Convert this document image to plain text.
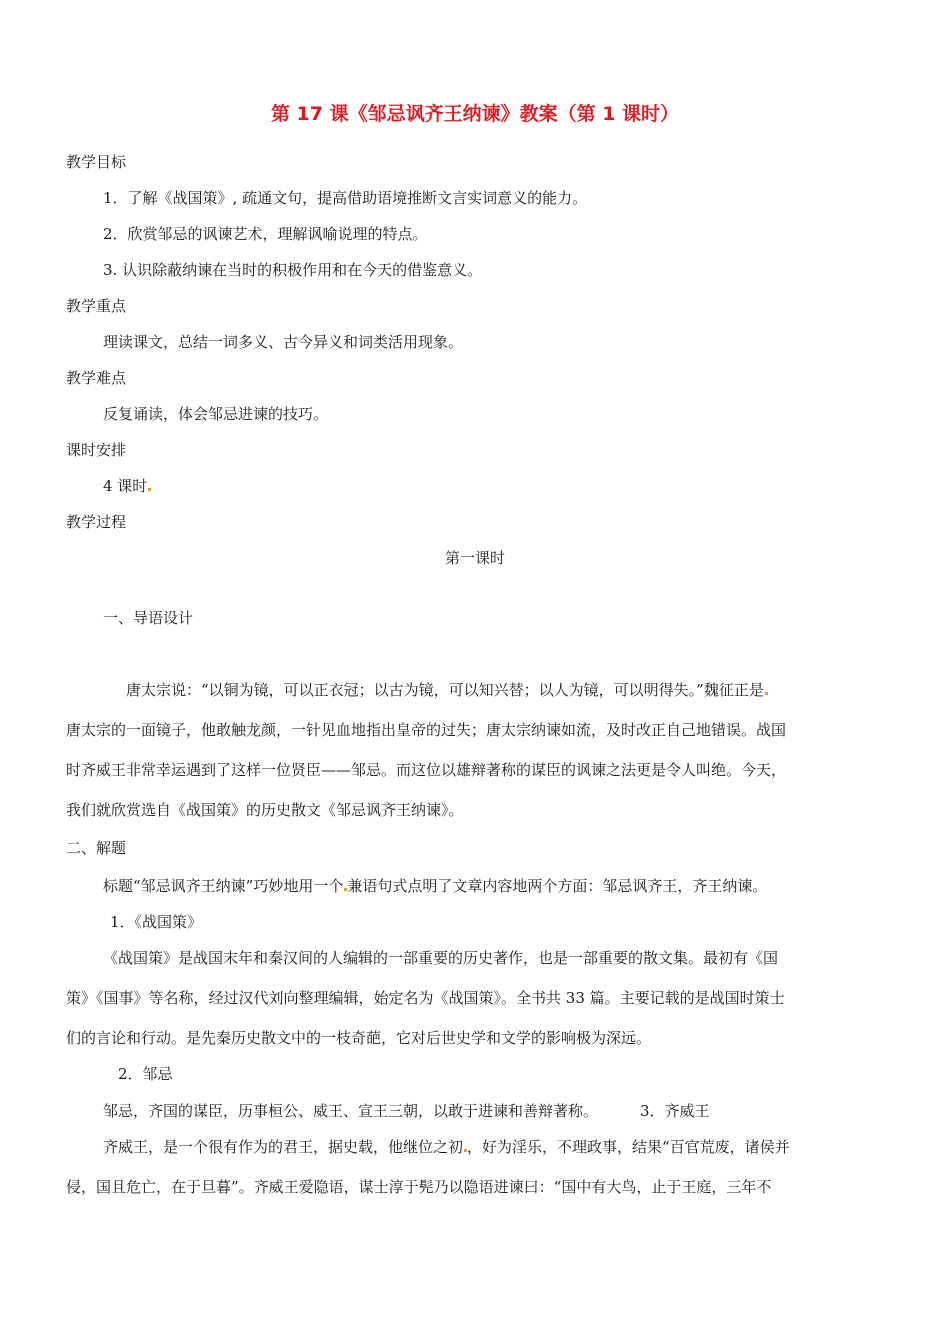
第 17 课《邹忌讽齐王纳谏》教案（第 1 课时）
教学目标
1．了解《战国策》, 疏通文句，提高借助语境推断文言实词意义的能力。
2．欣赏邹忌的讽谏艺术，理解讽喻说理的特点。
3. 认识除蔽纳谏在当时的积极作用和在今天的借鉴意义。
教学重点
理读课文，总结一词多义、古今异义和词类活用现象。
教学难点
反复诵读，体会邹忌进谏的技巧。
课时安排
4 课时
教学过程
第一课时
一、导语设计
唐太宗说：“以铜为镜，可以正衣冠；以古为镜，可以知兴替；以人为镜，可以明得失。”魏征正是
唐太宗的一面镜子，他敢触龙颜，一针见血地指出皇帝的过失；唐太宗纳谏如流，及时改正自己地错误。战国
时齐威王非常幸运遇到了这样一位贤臣——邹忌。而这位以雄辩著称的谋臣的讽谏之法更是令人叫绝。今天，
我们就欣赏选自《战国策》的历史散文《邹忌讽齐王纳谏》。
二、解题
标题“邹忌讽齐王纳谏”巧妙地用一个 兼语句式点明了文章内容地两个方面：邹忌讽齐王，齐王纳谏。
1．《战国策》
《战国策》是战国末年和秦汉间的人编辑的一部重要的历史著作，也是一部重要的散文集。最初有《国
策》《国事》等名称，经过汉代刘向整理编辑，始定名为《战国策》。全书共 33 篇。主要记载的是战国时策士
们的言论和行动。是先秦历史散文中的一枝奇葩，它对后世史学和文学的影响极为深远。
2．邹忌
邹忌，齐国的谋臣，历事桓公、威王、宣王三朝，以敢于进谏和善辩著称。	3．齐威王
齐威王，是一个很有作为的君王，据史载，他继位之初 ，好为淫乐，不理政事，结果“百官荒废，诸侯并
侵，国且危亡，在于旦暮”。齐威王爱隐语，谋士淳于髡乃以隐语进谏曰：“国中有大鸟，止于王庭，三年不
